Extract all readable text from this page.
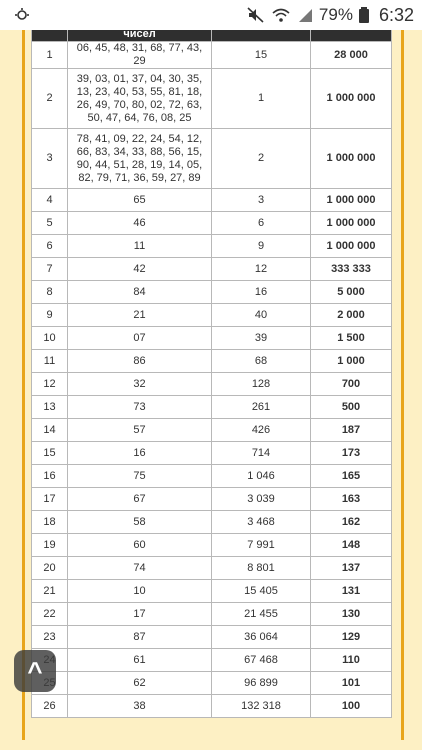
79% 6:32
	чисел		
1	06, 45, 48, 31, 68, 77, 43, 29	15	28 000
2	39, 03, 01, 37, 04, 30, 35, 13, 23, 40, 53, 55, 81, 18, 26, 49, 70, 80, 02, 72, 63, 50, 47, 64, 76, 08, 25	1	1 000 000
3	78, 41, 09, 22, 24, 54, 12, 66, 83, 34, 33, 88, 56, 15, 90, 44, 51, 28, 19, 14, 05, 82, 79, 71, 36, 59, 27, 89	2	1 000 000
4	65	3	1 000 000
5	46	6	1 000 000
6	11	9	1 000 000
7	42	12	333 333
8	84	16	5 000
9	21	40	2 000
10	07	39	1 500
11	86	68	1 000
12	32	128	700
13	73	261	500
14	57	426	187
15	16	714	173
16	75	1 046	165
17	67	3 039	163
18	58	3 468	162
19	60	7 991	148
20	74	8 801	137
21	10	15 405	131
22	17	21 455	130
23	87	36 064	129
	61	67 468	110
	62	96 899	101
26	38	132 318	100
^
